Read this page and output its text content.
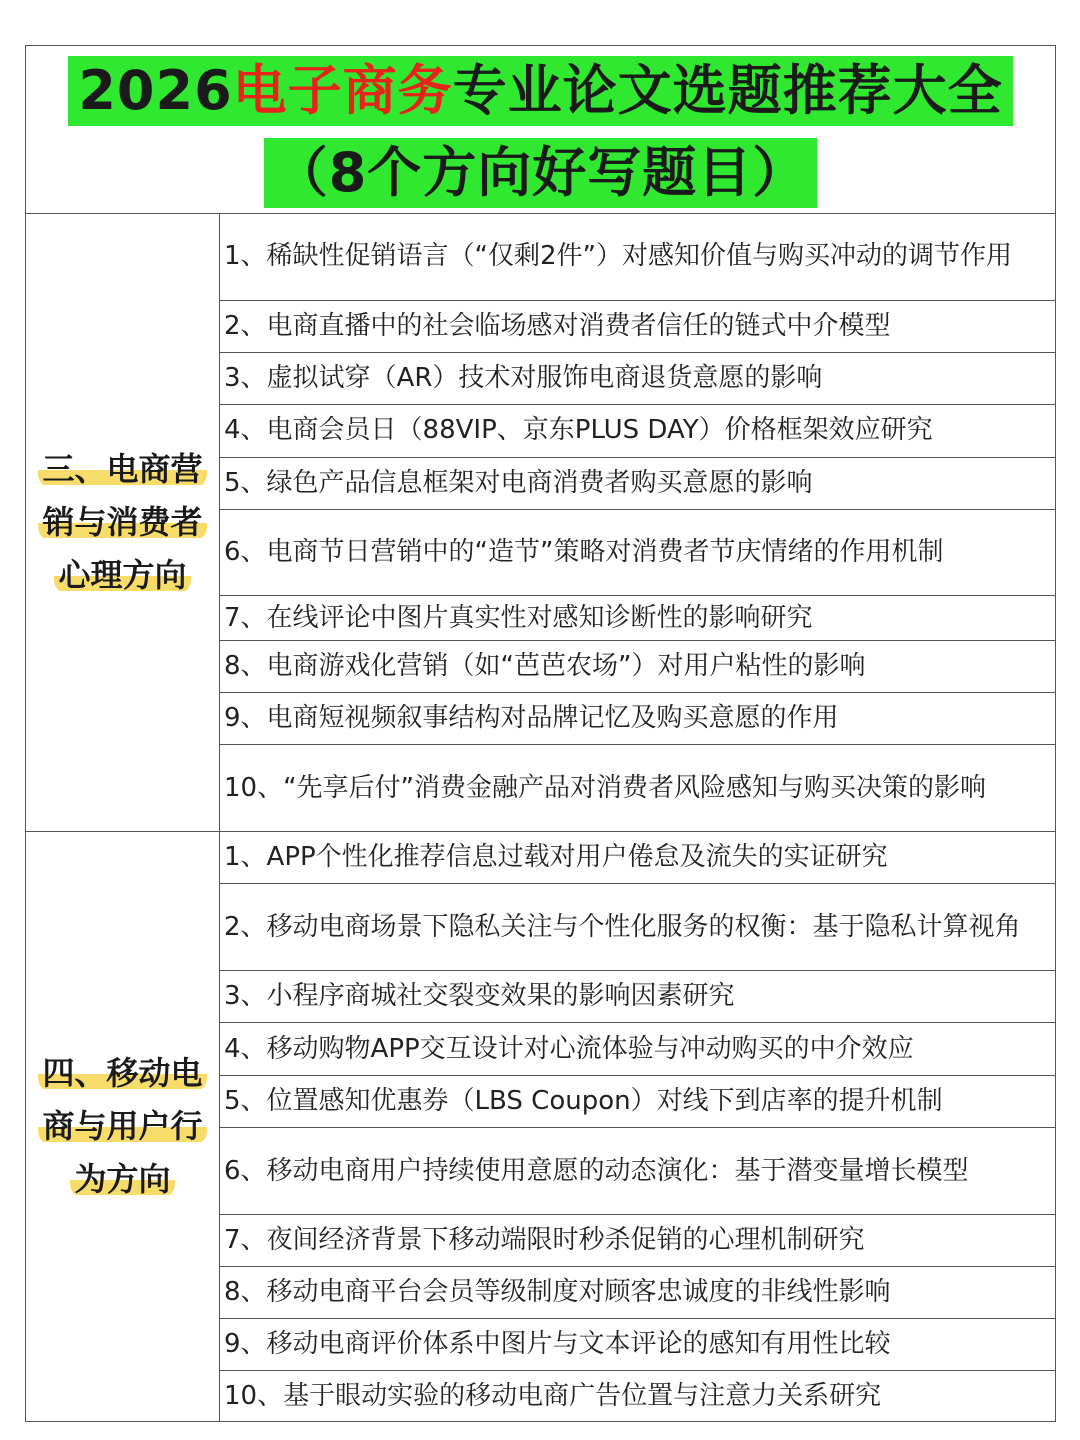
2026电子商务专业论文选题推荐大全
（8个方向好写题目）
三、电商营
销与消费者
心理方向
1、稀缺性促销语言（“仅剩2件”）对感知价值与购买冲动的调节作用
2、电商直播中的社会临场感对消费者信任的链式中介模型
3、虚拟试穿（AR）技术对服饰电商退货意愿的影响
4、电商会员日（88VIP、京东PLUS DAY）价格框架效应研究
5、绿色产品信息框架对电商消费者购买意愿的影响
6、电商节日营销中的“造节”策略对消费者节庆情绪的作用机制
7、在线评论中图片真实性对感知诊断性的影响研究
8、电商游戏化营销（如“芭芭农场”）对用户粘性的影响
9、电商短视频叙事结构对品牌记忆及购买意愿的作用
10、“先享后付”消费金融产品对消费者风险感知与购买决策的影响
四、移动电
商与用户行
为方向
1、APP个性化推荐信息过载对用户倦怠及流失的实证研究
2、移动电商场景下隐私关注与个性化服务的权衡：基于隐私计算视角
3、小程序商城社交裂变效果的影响因素研究
4、移动购物APP交互设计对心流体验与冲动购买的中介效应
5、位置感知优惠券（LBS Coupon）对线下到店率的提升机制
6、移动电商用户持续使用意愿的动态演化：基于潜变量增长模型
7、夜间经济背景下移动端限时秒杀促销的心理机制研究
8、移动电商平台会员等级制度对顾客忠诚度的非线性影响
9、移动电商评价体系中图片与文本评论的感知有用性比较
10、基于眼动实验的移动电商广告位置与注意力关系研究
